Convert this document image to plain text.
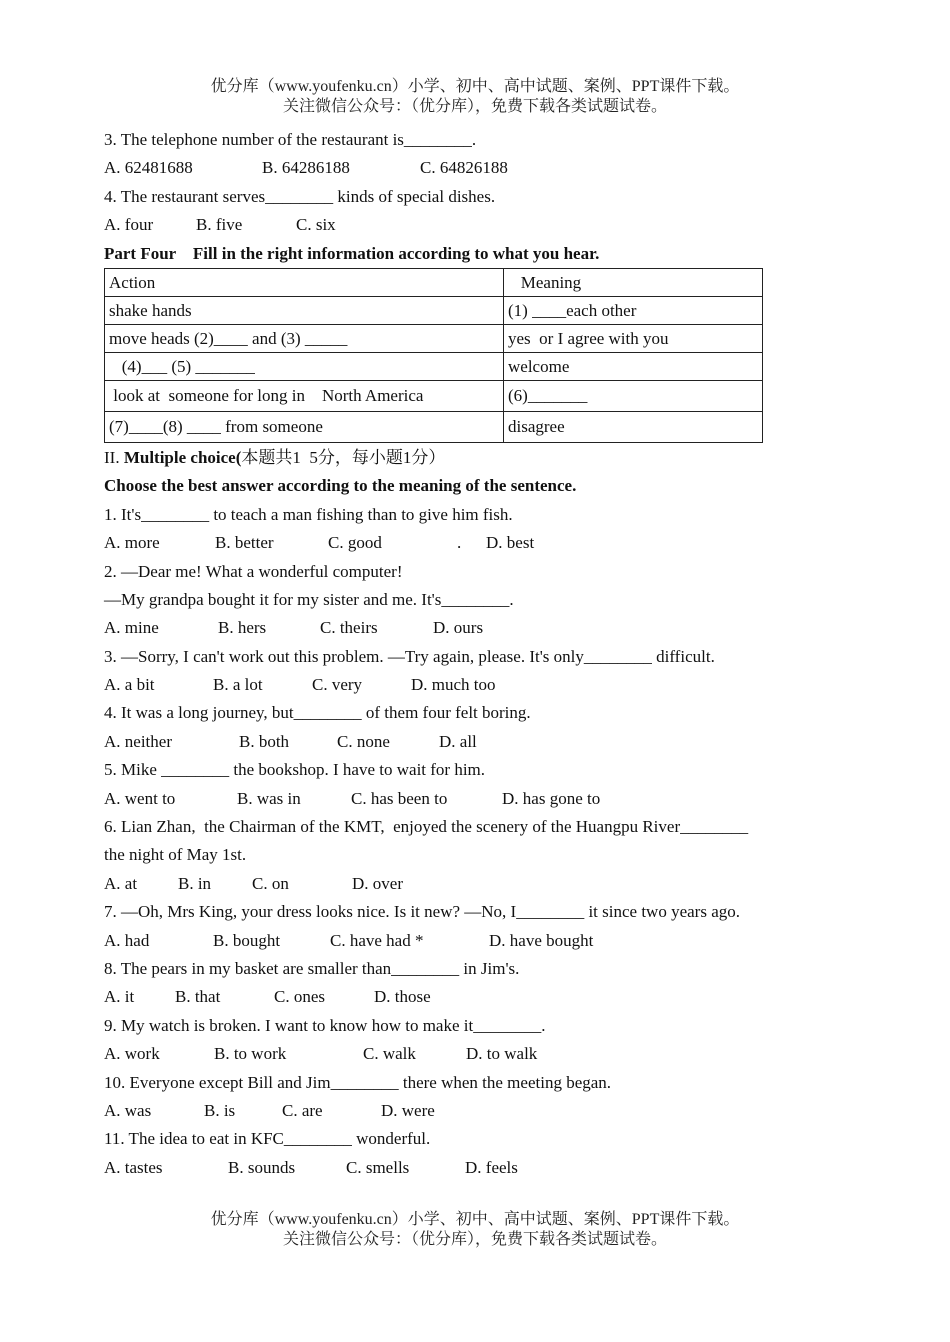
优分库（www.youfenku.cn）小学、初中、高中试题、案例、PPT课件下载。
关注微信公众号：（优分库），免费下载各类试题试卷。
3. The telephone number of the restaurant is________.
A. 62481688	B. 64286188	C. 64826188
4. The restaurant serves________ kinds of special dishes.
A. four	B. five	C. six
Part Four    Fill in the right information according to what you hear.
Action	Meaning
shake hands	(1) ____each other
move heads (2)____ and (3) _____	yes  or I agree with you
(4)___ (5) _______	welcome
look at  someone for long in    North America	(6)_______
(7)____(8) ____ from someone	disagree
II. Multiple choice(本题共1  5分，每小题1分）
Choose the best answer according to the meaning of the sentence.
1. It's________ to teach a man fishing than to give him fish.
A. more	B. better	C. good	. D. best
2. —Dear me! What a wonderful computer!
—My grandpa bought it for my sister and me. It's________.
A. mine	B. hers	C. theirs	D. ours
3. —Sorry, I can't work out this problem. —Try again, please. It's only________ difficult.
A. a bit	B. a lot	C. very	D. much too
4. It was a long journey, but________ of them four felt boring.
A. neither	B. both	C. none	D. all
5. Mike ________ the bookshop. I have to wait for him.
A. went to	B. was in	C. has been to	D. has gone to
6. Lian Zhan,  the Chairman of the KMT,  enjoyed the scenery of the Huangpu River________
the night of May 1st.
A. at B. in C. on	D. over
7. —Oh, Mrs King, your dress looks nice. Is it new? —No, I________ it since two years ago.
A. had	B. bought	C. have had *	D. have bought
8. The pears in my basket are smaller than________ in Jim's.
A. it B. that	C. ones	D. those
9. My watch is broken. I want to know how to make it________.
A. work	B. to work	C. walk	D. to walk
10. Everyone except Bill and Jim________ there when the meeting began.
A. was	B. is	C. are	D. were
11. The idea to eat in KFC________ wonderful.
A. tastes	B. sounds	C. smells	D. feels
优分库（www.youfenku.cn）小学、初中、高中试题、案例、PPT课件下载。
关注微信公众号：（优分库），免费下载各类试题试卷。
